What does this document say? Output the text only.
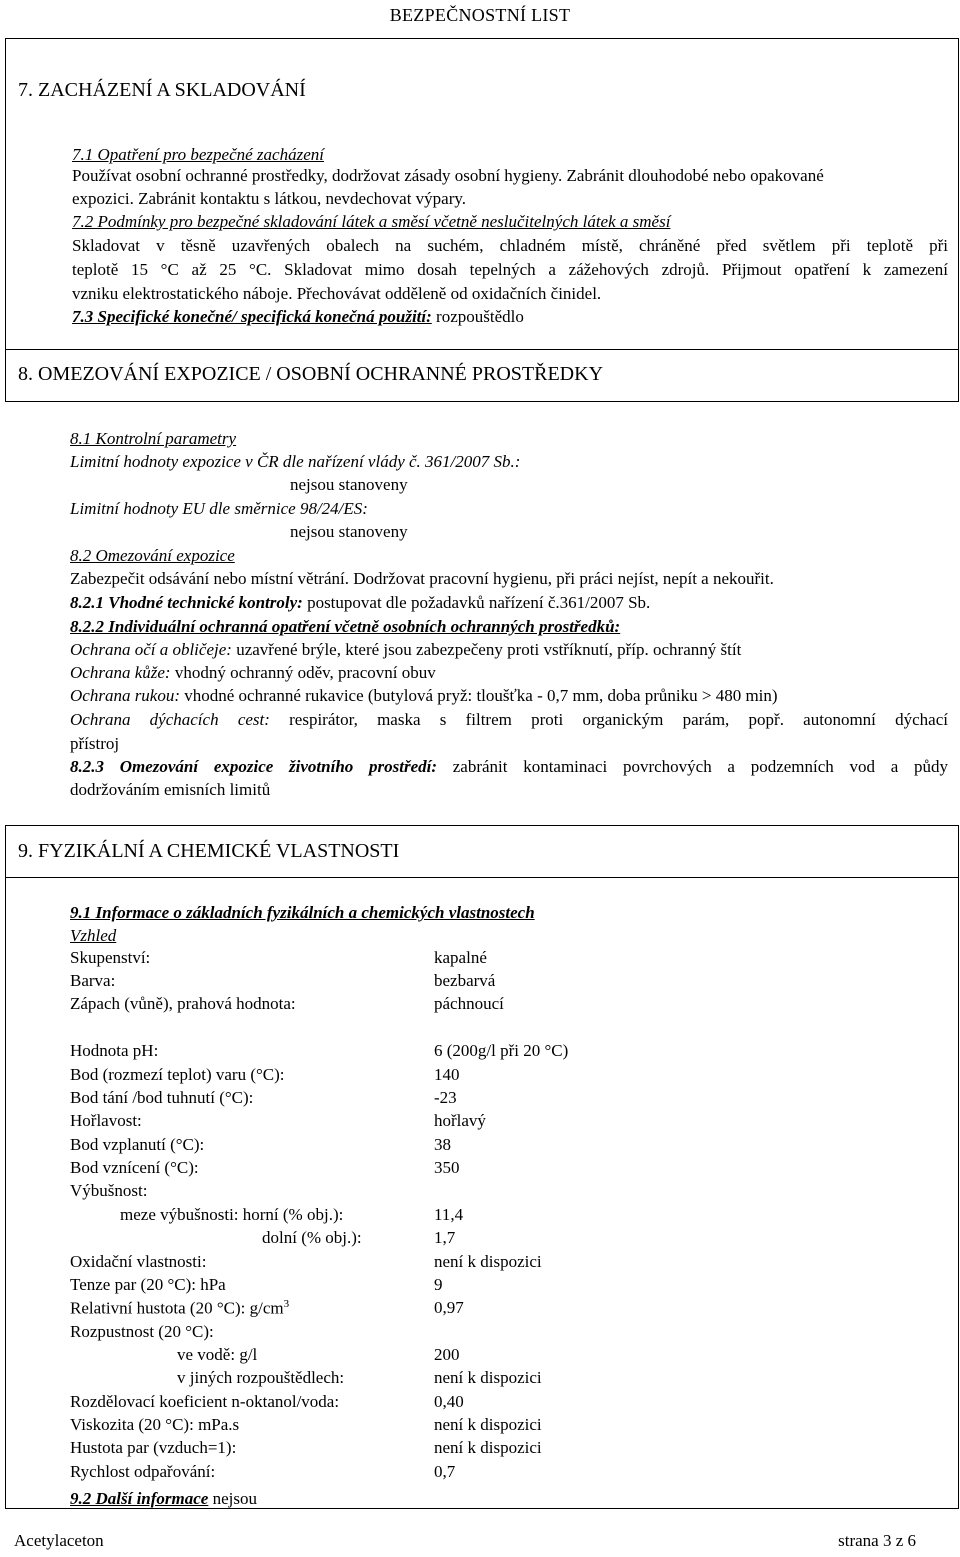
BEZPEČNOSTNÍ LIST
7. ZACHÁZENÍ A SKLADOVÁNÍ
7.1 Opatření pro bezpečné zacházení
Používat osobní ochranné prostředky, dodržovat zásady osobní hygieny. Zabránit dlouhodobé nebo opakované
expozici. Zabránit kontaktu s látkou, nevdechovat výpary.
7.2 Podmínky pro bezpečné skladování látek a směsí včetně neslučitelných látek a směsí
Skladovat v těsně uzavřených obalech na suchém, chladném místě, chráněné před světlem při teplotě při
teplotě 15 °C až 25 °C. Skladovat mimo dosah tepelných a zážehových zdrojů. Přijmout opatření k zamezení
vzniku elektrostatického náboje. Přechovávat odděleně od oxidačních činidel.
7.3 Specifické konečné/ specifická konečná použití: rozpouštědlo
8. OMEZOVÁNÍ EXPOZICE / OSOBNÍ OCHRANNÉ PROSTŘEDKY
8.1 Kontrolní parametry
Limitní hodnoty expozice v ČR dle nařízení vlády č. 361/2007 Sb.:
nejsou stanoveny
Limitní hodnoty EU dle směrnice 98/24/ES:
nejsou stanoveny
8.2 Omezování expozice
Zabezpečit odsávání nebo místní větrání. Dodržovat pracovní hygienu, při práci nejíst, nepít a nekouřit.
8.2.1 Vhodné technické kontroly: postupovat dle požadavků nařízení č.361/2007 Sb.
8.2.2 Individuální ochranná opatření včetně osobních ochranných prostředků:
Ochrana očí a obličeje: uzavřené brýle, které jsou zabezpečeny proti vstříknutí, příp. ochranný štít
Ochrana kůže: vhodný ochranný oděv, pracovní obuv
Ochrana rukou: vhodné ochranné rukavice (butylová pryž: tloušťka - 0,7 mm, doba průniku > 480 min)
Ochrana dýchacích cest: respirátor, maska s filtrem proti organickým parám, popř. autonomní dýchací
přístroj
8.2.3 Omezování expozice životního prostředí: zabránit kontaminaci povrchových a podzemních vod a půdy
dodržováním emisních limitů
9. FYZIKÁLNÍ A CHEMICKÉ VLASTNOSTI
9.1 Informace o základních fyzikálních a chemických vlastnostech
Vzhled
Skupenství:	kapalné
Barva:	bezbarvá
Zápach (vůně), prahová hodnota:	páchnoucí
Hodnota pH:	6 (200g/l při 20 °C)
Bod (rozmezí teplot) varu (°C):	140
Bod tání /bod tuhnutí (°C):	-23
Hořlavost:	hořlavý
Bod vzplanutí (°C):	38
Bod vznícení (°C):	350
Výbušnost:
meze výbušnosti: horní (% obj.):	11,4
dolní (% obj.):	1,7
Oxidační vlastnosti:	není k dispozici
Tenze par (20 °C): hPa	9
Relativní hustota (20 °C): $g/cm^3$	0,97
Rozpustnost (20 °C):
ve vodě: g/l	200
v jiných rozpouštědlech:	není k dispozici
Rozdělovací koeficient n-oktanol/voda:	0,40
Viskozita (20 °C): mPa.s	není k dispozici
Hustota par (vzduch=1):	není k dispozici
Rychlost odpařování:	0,7
9.2 Další informace nejsou
Acetylaceton	strana 3 z 6
